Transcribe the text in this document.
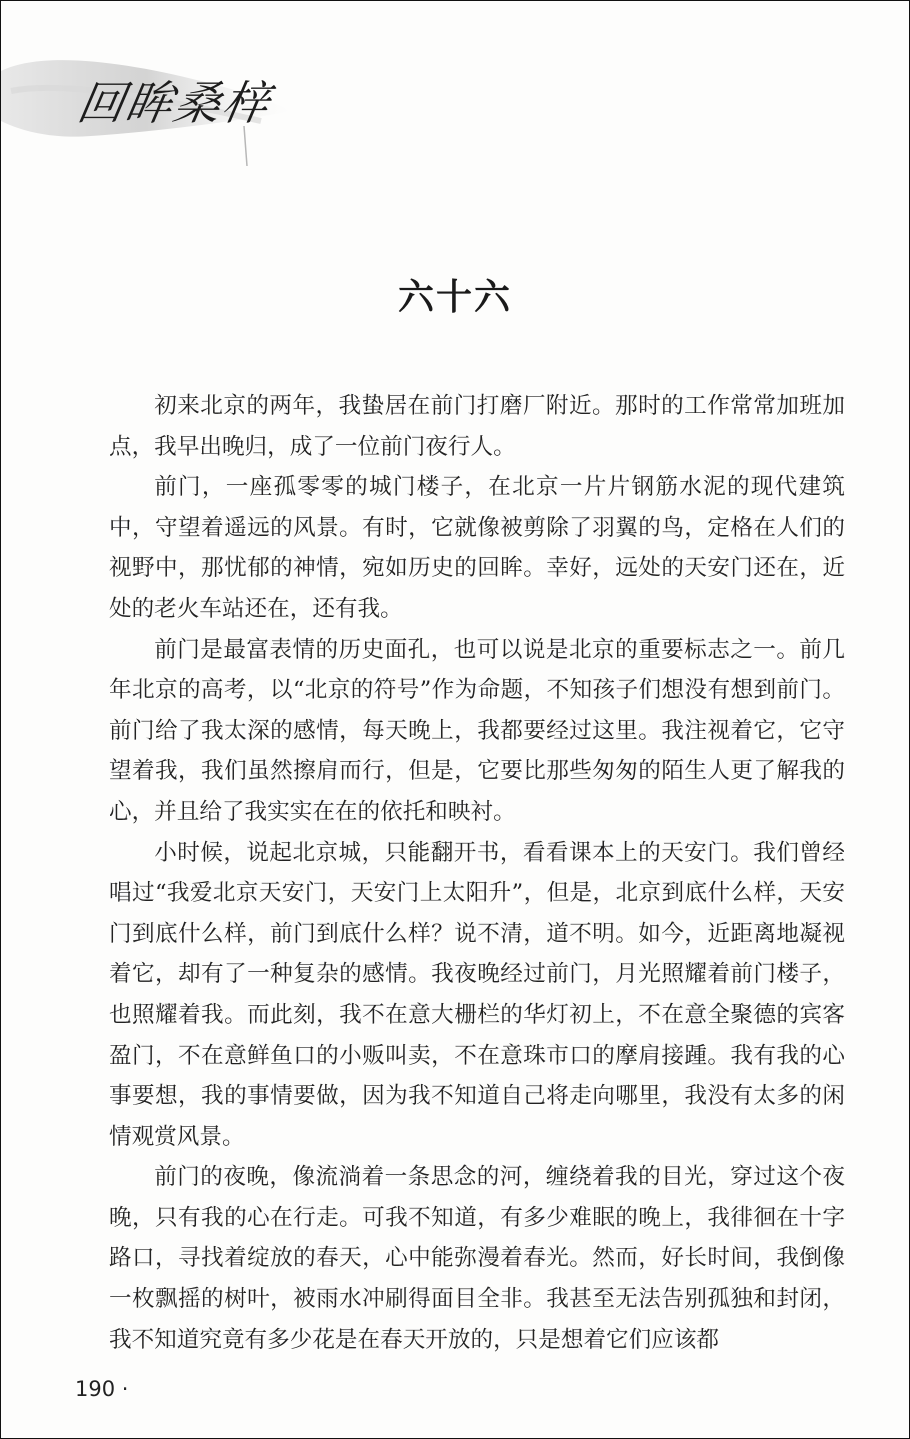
回眸桑梓
六十六

初来北京的两年，我蛰居在前门打磨厂附近。那时的工作常常加班加点，我早出晚归，成了一位前门夜行人。

前门，一座孤零零的城门楼子，在北京一片片钢筋水泥的现代建筑中，守望着遥远的风景。有时，它就像被剪除了羽翼的鸟，定格在人们的视野中，那忧郁的神情，宛如历史的回眸。幸好，远处的天安门还在，近处的老火车站还在，还有我。

前门是最富表情的历史面孔，也可以说是北京的重要标志之一。前几年北京的高考，以“北京的符号”作为命题，不知孩子们想没有想到前门。前门给了我太深的感情，每天晚上，我都要经过这里。我注视着它，它守望着我，我们虽然擦肩而行，但是，它要比那些匆匆的陌生人更了解我的心，并且给了我实实在在的依托和映衬。

小时候，说起北京城，只能翻开书，看看课本上的天安门。我们曾经唱过“我爱北京天安门，天安门上太阳升”，但是，北京到底什么样，天安门到底什么样，前门到底什么样？说不清，道不明。如今，近距离地凝视着它，却有了一种复杂的感情。我夜晚经过前门，月光照耀着前门楼子，也照耀着我。而此刻，我不在意大栅栏的华灯初上，不在意全聚德的宾客盈门，不在意鲜鱼口的小贩叫卖，不在意珠市口的摩肩接踵。我有我的心事要想，我的事情要做，因为我不知道自己将走向哪里，我没有太多的闲情观赏风景。

前门的夜晚，像流淌着一条思念的河，缠绕着我的目光，穿过这个夜晚，只有我的心在行走。可我不知道，有多少难眠的晚上，我徘徊在十字路口，寻找着绽放的春天，心中能弥漫着春光。然而，好长时间，我倒像一枚飘摇的树叶，被雨水冲刷得面目全非。我甚至无法告别孤独和封闭，我不知道究竟有多少花是在春天开放的，只是想着它们应该都

190 ·
